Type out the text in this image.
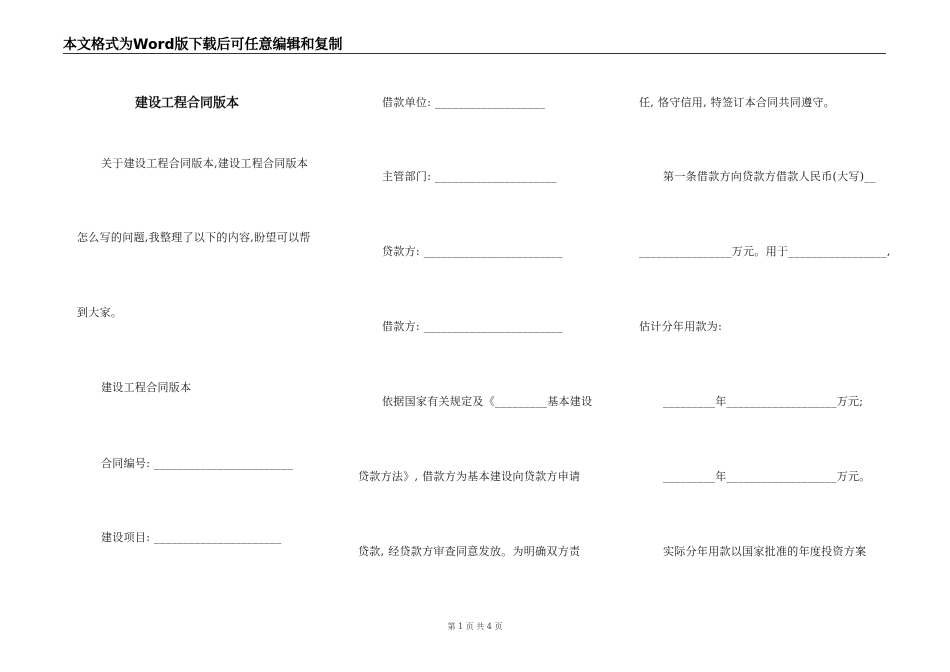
本文格式为Word版下载后可任意编辑和复制
建设工程合同版本
关于建设工程合同版本,建设工程合同版本
怎么写的问题,我整理了以下的内容,盼望可以帮
到大家。
建设工程合同版本
合同编号: ________________________
建设项目: ______________________
借款单位: ___________________
主管部门: _____________________
贷款方: ________________________
借款方: ________________________
依据国家有关规定及《_________基本建设
贷款方法》, 借款方为基本建设向贷款方申请
贷款, 经贷款方审查同意发放。为明确双方责
任, 恪守信用, 特签订本合同共同遵守。
第一条借款方向贷款方借款人民币(大写)__
________________万元。用于_________________,
估计分年用款为:
_________年___________________万元;
_________年___________________万元。
实际分年用款以国家批准的年度投资方案
第 1 页 共 4 页
